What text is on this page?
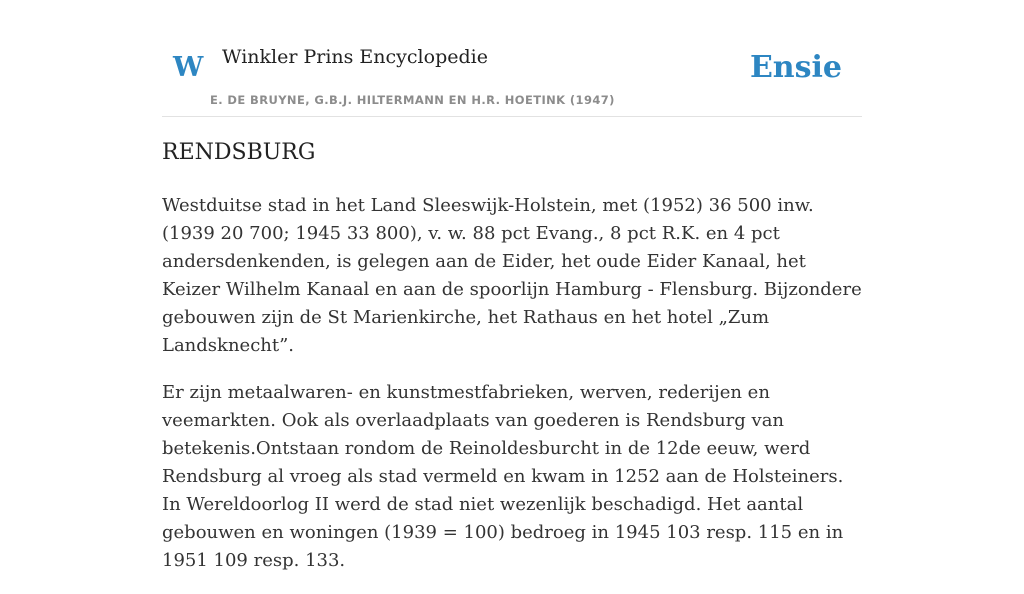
W Winkler Prins Encyclopedie
E. DE BRUYNE, G.B.J. HILTERMANN EN H.R. HOETINK (1947)
Ensie
RENDSBURG

Westduitse stad in het Land Sleeswijk-Holstein, met (1952) 36 500 inw. (1939 20 700; 1945 33 800), v. w. 88 pct Evang., 8 pct R.K. en 4 pct andersdenkenden, is gelegen aan de Eider, het oude Eider Kanaal, het Keizer Wilhelm Kanaal en aan de spoorlijn Hamburg - Flensburg. Bijzondere gebouwen zijn de St Marienkirche, het Rathaus en het hotel „Zum Landsknecht”.

Er zijn metaalwaren- en kunstmestfabrieken, werven, rederijen en veemarkten. Ook als overlaadplaats van goederen is Rendsburg van betekenis.Ontstaan rondom de Reinoldesburcht in de 12de eeuw, werd Rendsburg al vroeg als stad vermeld en kwam in 1252 aan de Holsteiners. In Wereldoorlog II werd de stad niet wezenlijk beschadigd. Het aantal gebouwen en woningen (1939 = 100) bedroeg in 1945 103 resp. 115 en in 1951 109 resp. 133.
